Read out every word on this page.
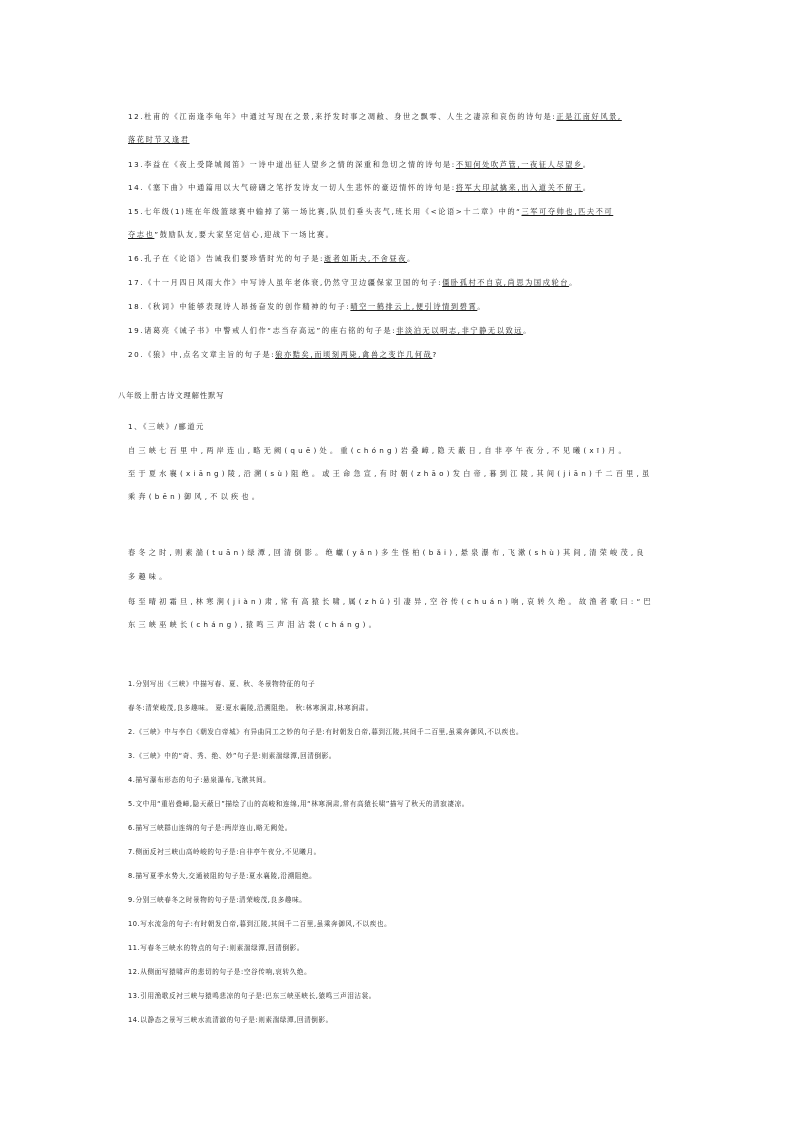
12.杜甫的《江南逢李龟年》中通过写现在之景,来抒发时事之凋敝、身世之飘零、人生之凄凉和哀伤的诗句是:正是江南好风景,
落花时节又逢君
13.李益在《夜上受降城闻笛》一诗中道出征人望乡之情的深重和急切之情的诗句是:不知何处吹芦管,一夜征人尽望乡。
14.《塞下曲》中通篇用以大气磅礴之笔抒发诗友一切人生悲怀的豪迈情怀的诗句是:将军大印試擒来,出入道关不留王。
15.七年级(1)班在年级篮球赛中输掉了第一场比赛,队员们垂头丧气,班长用《<论语>十二章》中的“三军可夺帅也,匹夫不可
夺志也”鼓励队友,要大家坚定信心,迎战下一场比赛。
16.孔子在《论语》告诫我们要珍惜时光的句子是:逝者如斯夫,不舍昼夜。
17.《十一月四日风雨大作》中写诗人虽年老体衰,仍然守卫边疆保家卫国的句子:僵卧孤村不自哀,尚思为国戍轮台。
18.《秋词》中能够表现诗人昂扬奋发的创作精神的句子:晴空一鹤排云上,便引诗情到碧霄。
19.诸葛亮《诫子书》中警戒人们作“志当存高远”的座右铭的句子是:非淡泊无以明志,非宁静无以致远。
20.《狼》中,点名文章主旨的句子是:狼亦黠矣,而顷刻两毙,禽兽之变诈几何哉?
八年级上册古诗文理解性默写
1、《三峡》/郦道元
自三峡七百里中,两岸连山,略无阙(quē)处。重(chóng)岩叠嶂,隐天蔽日,自非亭午夜分,不见曦(xī)月。
至于夏水襄(xiāng)陵,沿溯(sù)阻绝。或王命急宣,有时朝(zhāo)发白帝,暮到江陵,其间(jiān)千二百里,虽
乘奔(bēn)御风,不以疾也。
春冬之时,则素湍(tuān)绿潭,回清倒影。绝巘(yǎn)多生怪柏(bǎi),悬泉瀑布,飞漱(shù)其间,清荣峻茂,良
多趣味。
每至晴初霜旦,林寒涧(jiàn)肃,常有高猿长啸,属(zhǔ)引凄异,空谷传(chuán)响,哀转久绝。故渔者歌曰:“巴
东三峡巫峡长(cháng),猿鸣三声泪沾裳(cháng)。
1.分别写出《三峡》中描写春、夏、秋、冬景物特征的句子
春冬:清荣峻茂,良多趣味。 夏:夏水襄陵,沿溯阻绝。 秋:林寒涧肃,林寒涧肃。
2.《三峡》中与李白《朝发白帝城》有异曲同工之妙的句子是:有时朝发白帝,暮到江陵,其间千二百里,虽乘奔御风,不以疾也。
3.《三峡》中的“奇、秀、绝、妙”句子是:则素湍绿潭,回清倒影。
4.描写瀑布形态的句子:悬泉瀑布,飞漱其间。
5.文中用“重岩叠嶂,隐天蔽日”描绘了山的高峻和连绵,用“林寒涧肃,常有高猿长啸”描写了秋天的清寂凄凉。
6.描写三峡群山连绵的句子是:两岸连山,略无阙处。
7.侧面反衬三峡山高岭峻的句子是:自非亭午夜分,不见曦月。
8.描写夏季水势大,交通被阻的句子是:夏水襄陵,沿溯阻绝。
9.分别三峡春冬之时景物的句子是:清荣峻茂,良多趣味。
10.写水流急的句子:有时朝发白帝,暮到江陵,其间千二百里,虽乘奔御风,不以疾也。
11.写春冬三峡水的特点的句子:则素湍绿潭,回清倒影。
12.从侧面写猿啸声的悲切的句子是:空谷传响,哀转久绝。
13.引用渔歌反衬三峡与猿鸣悲凉的句子是:巴东三峡巫峡长,猿鸣三声泪沾裳。
14.以静态之景写三峡水流清澈的句子是:则素湍绿潭,回清倒影。
